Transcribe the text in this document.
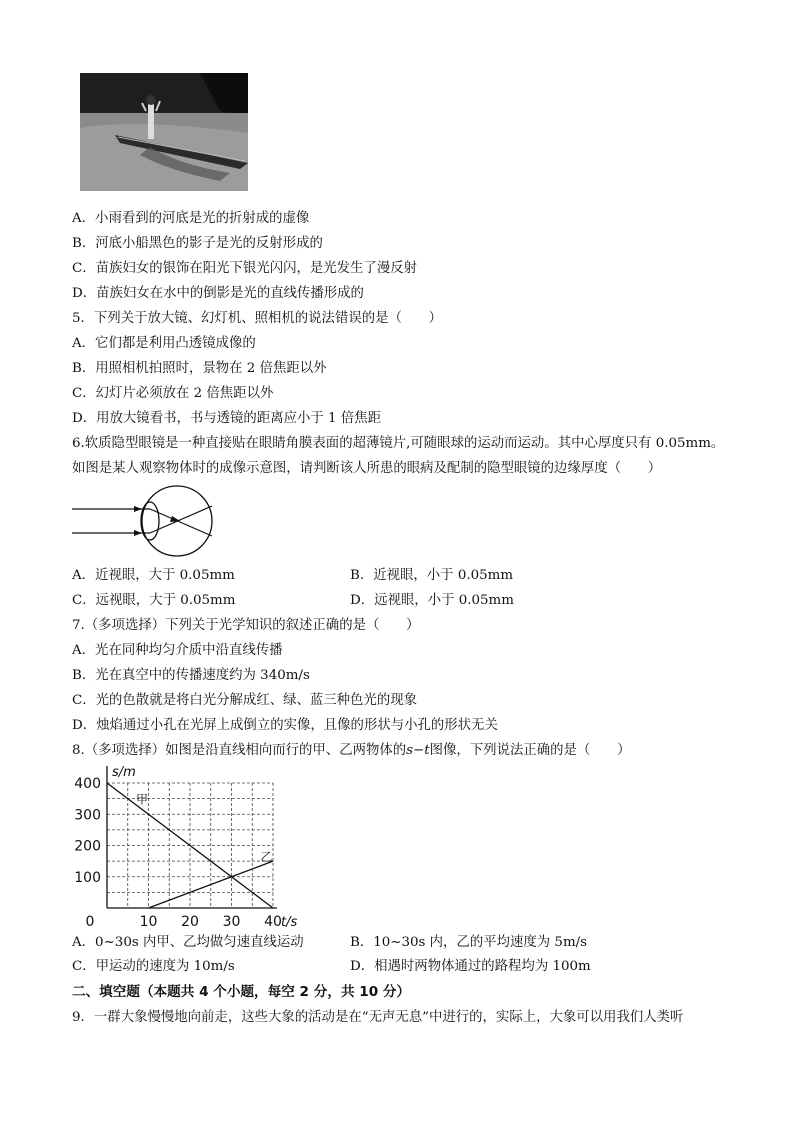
A．小雨看到的河底是光的折射成的虚像
B．河底小船黑色的影子是光的反射形成的
C．苗族妇女的银饰在阳光下银光闪闪，是光发生了漫反射
D．苗族妇女在水中的倒影是光的直线传播形成的
5．下列关于放大镜、幻灯机、照相机的说法错误的是（　　）
A．它们都是利用凸透镜成像的
B．用照相机拍照时，景物在 2 倍焦距以外
C．幻灯片必须放在 2 倍焦距以外
D．用放大镜看书，书与透镜的距离应小于 1 倍焦距
6.软质隐型眼镜是一种直接贴在眼睛角膜表面的超薄镜片,可随眼球的运动而运动。其中心厚度只有 0.05mm。
如图是某人观察物体时的成像示意图，请判断该人所患的眼病及配制的隐型眼镜的边缘厚度（　　）
A．近视眼，大于 0.05mm	B．近视眼，小于 0.05mm
C．远视眼，大于 0.05mm	D．远视眼，小于 0.05mm
7.（多项选择）下列关于光学知识的叙述正确的是（　　）
A．光在同种均匀介质中沿直线传播
B．光在真空中的传播速度约为 340m/s
C．光的色散就是将白光分解成红、绿、蓝三种色光的现象
D．烛焰通过小孔在光屏上成倒立的实像，且像的形状与小孔的形状无关
8.（多项选择）如图是沿直线相向而行的甲、乙两物体的𝑠−𝑡图像，下列说法正确的是（　　）
0	10 20 30 40
100
200
300
400
s/m
t/s
甲
乙
A．0~30s 内甲、乙均做匀速直线运动	B．10~30s 内，乙的平均速度为 5m/s
C．甲运动的速度为 10m/s	D．相遇时两物体通过的路程均为 100m
二、填空题（本题共 4 个小题，每空 2 分，共 10 分）
9．一群大象慢慢地向前走，这些大象的活动是在“无声无息”中进行的，实际上，大象可以用我们人类听
